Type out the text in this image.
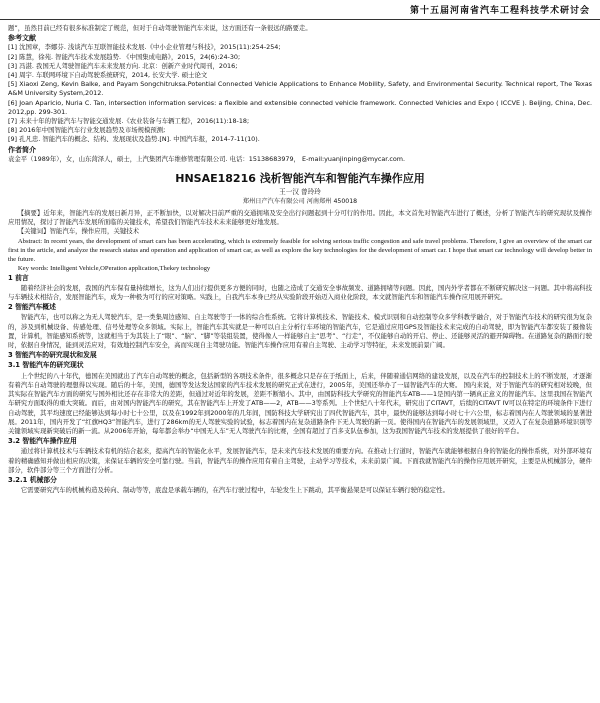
第十五届河南省汽车工程科技学术研讨会

题”，虽然目前已经有很多标准制定了规范，但对于自动驾驶智能汽车来说，这方面还有一条很远的路要走。

参考文献

[1] 沈国章，李娜芬. 浅谈汽车互联智能技术发展.《中小企业管理与科技》，2015(11):254-254;

[2] 陈慧，徐苑. 智能汽车技术发展趋势. 《中国集成电路》，2015，24(6):24-30;

[3] 冯湛. 我国无人驾驶智能汽车未来发展方向. 北京：创新产业时代周刊，2016;

[4] 周宇. 车联网环境下自动驾驶系统研究，2014, 长安大学. 硕士论文

[5] Xiaoxi Zeng, Kevin Balke, and Payam Songchitruksa.Potential Connected Vehicle Applications to Enhance Mobility, Safety, and Environmental Security. Technical report, The Texas A&M University System,2012.

[6] Joan Aparicio, Nuria C. Tan, intersection information services: a flexible and extensible connected vehicle framework. Connected Vehicles and Expo ( ICCVE ). Beijing, China, Dec. 2012,pp. 299-301.

[7] 未来十年的智能汽车与智能交通发展.《农业装备与车辆工程》，2016(11):18-18;

[8] 2016年中国智能汽车行业发展趋势及市场规模预测;

[9] 孔凡忠. 智能汽车的概念、结构、发展现状及趋势.[N]. 中国汽车报，2014-7-11(10).

作者简介

袁金平（1989年），女，山东菏泽人，硕士，上汽集团汽车维修管理有限公司. 电话：15138683979， E-mail:yuanjinping@mycar.com.

HNSAE18216 浅析智能汽车和智能汽车操作应用
王一汉 曾玲玲
郑州日产汽车有限公司 河南郑州 450018

【摘要】近年来，智能汽车的发展日新月异，正不断加快，以对解决目前严重的交通拥堵及安全出行问题起到十分可行的作用。因此，本文首先对智能汽车进行了概述，分析了智能汽车的研究现状及操作应用情况，探讨了智能汽车发展所面临的关键技术，希望我们智能汽车技术未来能够更好地发展。

【关键词】智能汽车，操作应用，关键技术

Abstract: In recent years, the development of smart cars has been accelerating, which is extremely feasible for solving serious traffic congestion and safe travel problems. Therefore, I give an overview of the smart car first in the article, and analyze the research status and operation and application of smart car, as well as explore the key technologies for the development of smart car. I hope that smart car technology will develop better in the future.

Key words: Intelligent Vehicle,OPeration application,Thekey technology

1 前言

随着经济社会的发展，我国的汽车保有量持续增长，这为人们出行提供更多方便的同时，也随之造成了交通安全事故频发、道路拥堵等问题。因此，国内外学者都在不断研究解决这一问题。其中将高科技与车辆技术相结合，发展智能汽车，成为一种极为可行的应对策略。实践上，自我汽车本身已经从实验阶段开始迈入商业化阶段，本文就智能汽车和智能汽车操作应用展开研究。

2 智能汽车概述

智能汽车，也可以称之为无人驾驶汽车，是一类集周边感知、自主驾驶等于一体的综合性系统。它将计算机技术、智能技术、模式识别和自动控制等众多学科教学融合，对于智能汽车技术的研究很为复杂的，涉及到机械设备、传感处理、信号处理等众多领域。实际上，智能汽车其实就是一种可以自主分析行车环境的智能汽车，它是通过应用GPS及智能技术来完成的自动驾驶，即为智能汽车都安装了摄像装置，计算机，智能感知系统等，这就相当于为其装上了“眼”、“脑”、“脚”等装组装置，使得像人一样能够自主“思考”、“行走”，不仅能够自动的开启、停止、还能够灵活的避开障碍物。在道路复杂的路面行驶时，依据自身情况，能到灵活应对，有效地控制汽车安全，高而实现自主驾驶功能。智能汽车操作应用有着自主驾驶、主动学习等特征，未来发展前景广阔。

3 智能汽车的研究现状和发展
3.1 智能汽车的研究现状

上个世纪的八十年代，德国在美国就出了汽车自动驾驶的概念，包括新型的各项技术条件，很多概念只是存在于纸面上，后来，伴随着通信网络的建设发展，以及在汽车的控制技术上的不断发展，才逐渐有着汽车自动驾驶的理想得以实现。随后的十年，美国，德国等发达发达国家的汽车技术发展的研究正式在进行，2005年，美国还举办了一届智能汽车的大赛。 国内来说，对于智能汽车的研究相对较晚，但其实际在智能汽车方面的研究与国外相比还存在非常大的差距，但通过对近年的发展，差距不断缩小。其中，由国防科技大学研究的智能汽车ATB——1是国内第一辆真正意义的智能汽车。这里我国在智能汽车研究方面取得的重大突破。而后，由对国内智能汽车的研究，其在智能汽车上开发了ATB——2，ATB——3等系列。上个世纪八十年代末，研究出了CITAVT，后续的CITAVT IV可以在特定的环境条件下进行自动驾驶，其平均速度已经能够达到每小时七十公里，以及在1992年到2000年的几年间，国防科技大学研究出了四代智能汽车，其中，最快的能够达到每小时七十六公里，标志着国内在人驾驶领域的显著进展。2011年，国内开发了“红旗HQ3”智能汽车，进行了286km的无人驾驶实验的试验，标志着国内在复杂道路条件下无人驾驶的新一页。使得国内在智能汽车的发展领域里，又迈入了在复杂道路环境识别等关键领域实现新突破后的新一流。从2006年开始，每年都会举办“中国无人车”无人驾驶汽车的比赛，全国有超过了百多支队伍参加，这为我国智能汽车技术的发展提供了很好的平台。

3.2 智能汽车操作应用

通过将计算机技术与车辆技术有机的结合起来，提高汽车的智能化水平，发展智能汽车，是未来汽车技术发展的重要方向。在推动上行道时，智能汽车就能够根据自身的智能化的操作系统，对外部环境有着的精确感知并做出相应的决策，来保证车辆的安全可靠行驶。当前，智能汽车的操作应用有着自主驾驶，主动学习等技术，未来前景广阔。下面我就智能汽车的操作应用展开研究，主要是从机械部分，硬件部分，软件部分等三个方面进行分析。

3.2.1 机械部分

它需要研究汽车的机械构造及转向、制动等等，底盘是承载车辆的，在汽车行驶过程中，车轮发生上下跳动，其平衡悬架是可以保证车辆行驶的稳定性。
